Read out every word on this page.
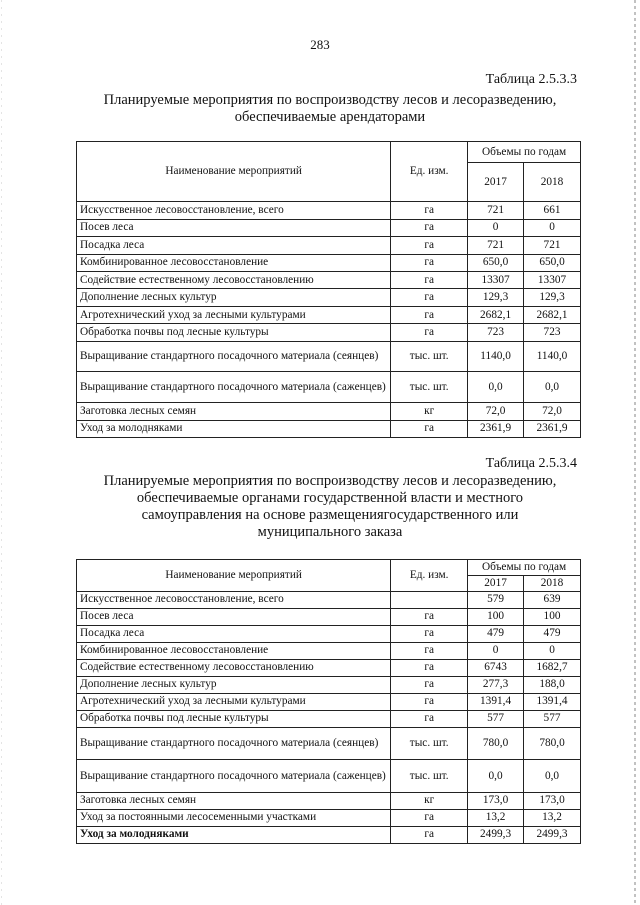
283
Таблица 2.5.3.3
Планируемые мероприятия по воспроизводству лесов и лесоразведению,
обеспечиваемые арендаторами
Наименование мероприятий	Ед. изм.	Объемы по годам	
		2017	2018
Искусственное лесовосстановление, всего	га	721	661
Посев леса	га	0	0
Посадка леса	га	721	721
Комбинированное лесовосстановление	га	650,0	650,0
Содействие естественному лесовосстановлению	га	13307	13307
Дополнение лесных культур	га	129,3	129,3
Агротехнический уход за лесными культурами	га	2682,1	2682,1
Обработка почвы под лесные культуры	га	723	723
Выращивание стандартного посадочного материала (сеянцев)	тыс. шт.	1140,0	1140,0
Выращивание стандартного посадочного материала (саженцев)	тыс. шт.	0,0	0,0
Заготовка лесных семян	кг	72,0	72,0
Уход за молодняками	га	2361,9	2361,9
Таблица 2.5.3.4
Планируемые мероприятия по воспроизводству лесов и лесоразведению,
обеспечиваемые органами государственной власти и местного
самоуправления на основе размещениягосударственного или
муниципального заказа
Наименование мероприятий	Ед. изм.	Объемы по годам	
		2017	2018
Искусственное лесовосстановление, всего		579	639
Посев леса	га	100	100
Посадка леса	га	479	479
Комбинированное лесовосстановление	га	0	0
Содействие естественному лесовосстановлению	га	6743	1682,7
Дополнение лесных культур	га	277,3	188,0
Агротехнический уход за лесными культурами	га	1391,4	1391,4
Обработка почвы под лесные культуры	га	577	577
Выращивание стандартного посадочного материала (сеянцев)	тыс. шт.	780,0	780,0
Выращивание стандартного посадочного материала (саженцев)	тыс. шт.	0,0	0,0
Заготовка лесных семян	кг	173,0	173,0
Уход за постоянными лесосеменными участками	га	13,2	13,2
Уход за молодняками	га	2499,3	2499,3
